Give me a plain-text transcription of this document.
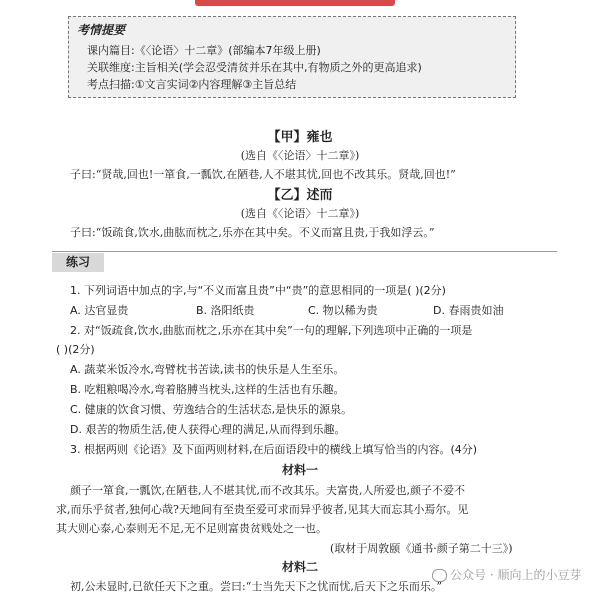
考情提要
课内篇目:《〈论语〉十二章》(部编本7年级上册)
关联维度:主旨相关(学会忍受清贫并乐在其中,有物质之外的更高追求)
考点扫描:①文言实词②内容理解③主旨总结
【甲】雍也
(选自《〈论语〉十二章》)
子曰:“贤哉,回也!一箪食,一瓢饮,在陋巷,人不堪其忧,回也不改其乐。贤哉,回也!”
【乙】述而
(选自《〈论语〉十二章》)
子曰:“饭疏食,饮水,曲肱而枕之,乐亦在其中矣。不义而富且贵,于我如浮云。”
练习
1. 下列词语中加点的字,与“不义而富且贵”中“贵”的意思相同的一项是( )(2分)
A. 达官显贵	B. 洛阳纸贵	C. 物以稀为贵	D. 春雨贵如油
2. 对“饭疏食,饮水,曲肱而枕之,乐亦在其中矣”一句的理解,下列选项中正确的一项是
( )(2分)
A. 蔬菜米饭冷水,弯臂枕书苦读,读书的快乐是人生至乐。
B. 吃粗粮喝冷水,弯着胳膊当枕头,这样的生活也有乐趣。
C. 健康的饮食习惯、劳逸结合的生活状态,是快乐的源泉。
D. 艰苦的物质生活,使人获得心理的满足,从而得到乐趣。
3. 根据两则《论语》及下面两则材料,在后面语段中的横线上填写恰当的内容。(4分)
材料一
颜子一箪食,一瓢饮,在陋巷,人不堪其忧,而不改其乐。夫富贵,人所爱也,颜子不爱不
求,而乐乎贫者,独何心哉?天地间有至贵至爱可求而异乎彼者,见其大而忘其小焉尔。见
其大则心泰,心泰则无不足,无不足则富贵贫贱处之一也。
(取材于周敦颐《通书·颜子第二十三》)
材料二
初,公未显时,已欲任天下之重。尝曰:“士当先天下之忧而忧,后天下之乐而乐。”
公众号 · 顺向上的小豆芽
